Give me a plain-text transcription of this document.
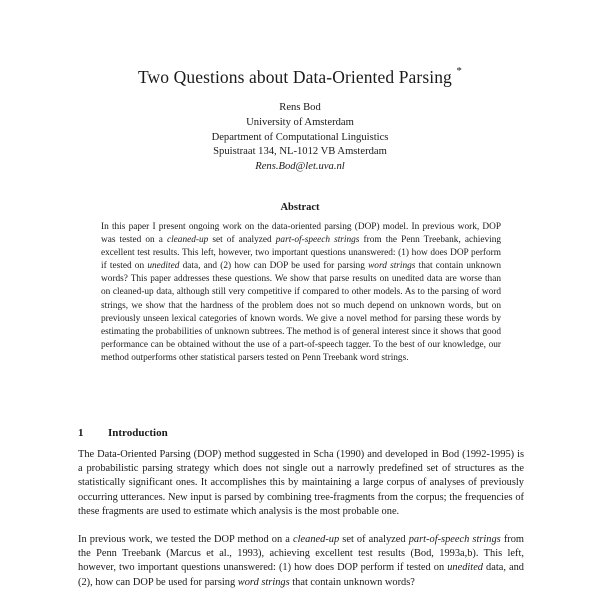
Two Questions about Data-Oriented Parsing *
Rens Bod
University of Amsterdam
Department of Computational Linguistics
Spuistraat 134, NL-1012 VB Amsterdam
Rens.Bod@let.uva.nl
Abstract
In this paper I present ongoing work on the data-oriented parsing (DOP) model. In previous work, DOP was tested on a cleaned-up set of analyzed part-of-speech strings from the Penn Treebank, achieving excellent test results. This left, however, two important questions unanswered: (1) how does DOP perform if tested on unedited data, and (2) how can DOP be used for parsing word strings that contain unknown words? This paper addresses these questions. We show that parse results on unedited data are worse than on cleaned-up data, although still very competitive if compared to other models. As to the parsing of word strings, we show that the hardness of the problem does not so much depend on unknown words, but on previously unseen lexical categories of known words. We give a novel method for parsing these words by estimating the probabilities of unknown subtrees. The method is of general interest since it shows that good performance can be obtained without the use of a part-of-speech tagger. To the best of our knowledge, our method outperforms other statistical parsers tested on Penn Treebank word strings.
1 Introduction
The Data-Oriented Parsing (DOP) method suggested in Scha (1990) and developed in Bod (1992-1995) is a probabilistic parsing strategy which does not single out a narrowly predefined set of structures as the statistically significant ones. It accomplishes this by maintaining a large corpus of analyses of previously occurring utterances. New input is parsed by combining tree-fragments from the corpus; the frequencies of these fragments are used to estimate which analysis is the most probable one.
In previous work, we tested the DOP method on a cleaned-up set of analyzed part-of-speech strings from the Penn Treebank (Marcus et al., 1993), achieving excellent test results (Bod, 1993a,b). This left, however, two important questions unanswered: (1) how does DOP perform if tested on unedited data, and (2), how can DOP be used for parsing word strings that contain unknown words?
